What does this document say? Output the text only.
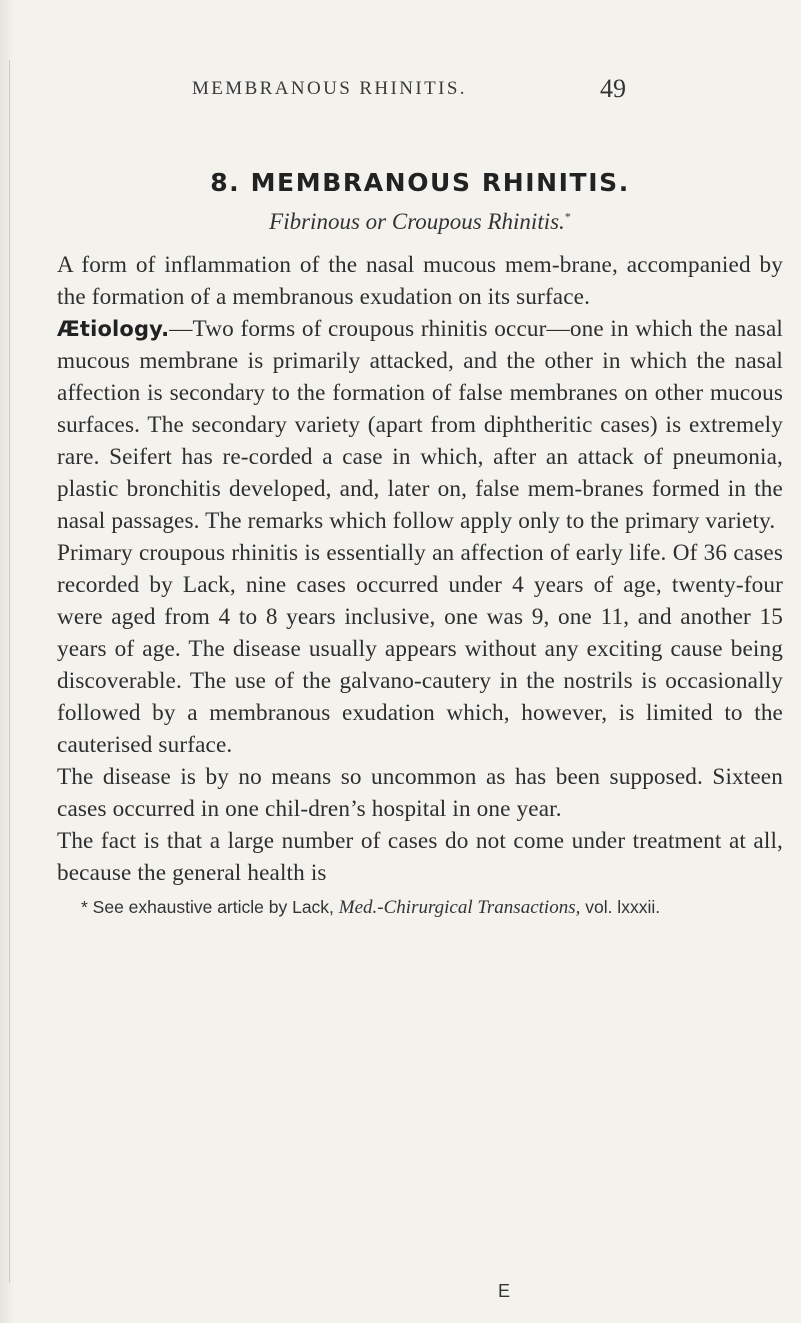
MEMBRANOUS RHINITIS.	49
8. MEMBRANOUS RHINITIS.
Fibrinous or Croupous Rhinitis.*

A form of inflammation of the nasal mucous mem-brane, accompanied by the formation of a membranous exudation on its surface.

Ætiology.—Two forms of croupous rhinitis occur—one in which the nasal mucous membrane is primarily attacked, and the other in which the nasal affection is secondary to the formation of false membranes on other mucous surfaces. The secondary variety (apart from diphtheritic cases) is extremely rare. Seifert has re-corded a case in which, after an attack of pneumonia, plastic bronchitis developed, and, later on, false mem-branes formed in the nasal passages. The remarks which follow apply only to the primary variety.

Primary croupous rhinitis is essentially an affection of early life. Of 36 cases recorded by Lack, nine cases occurred under 4 years of age, twenty-four were aged from 4 to 8 years inclusive, one was 9, one 11, and another 15 years of age. The disease usually appears without any exciting cause being discoverable. The use of the galvano-cautery in the nostrils is occasionally followed by a membranous exudation which, however, is limited to the cauterised surface.

The disease is by no means so uncommon as has been supposed. Sixteen cases occurred in one chil-dren’s hospital in one year.

The fact is that a large number of cases do not come under treatment at all, because the general health is

* See exhaustive article by Lack, Med.-Chirurgical Transactions, vol. lxxxii.
E
